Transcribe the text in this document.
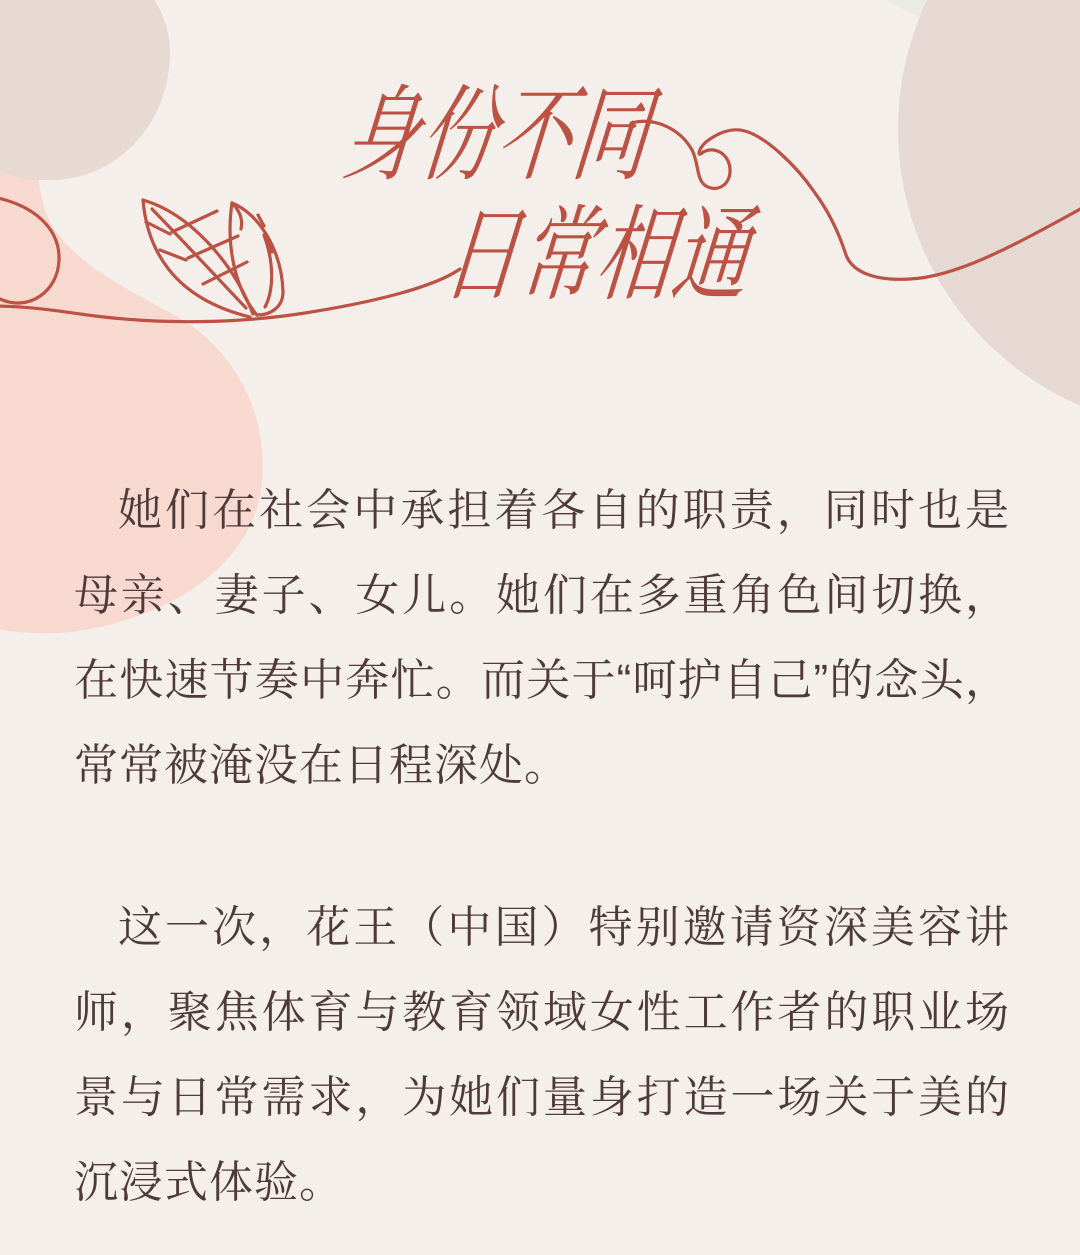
身份不同
日常相通

她们在社会中承担着各自的职责，同时也是母亲、妻子、女儿。她们在多重角色间切换，在快速节奏中奔忙。而关于“呵护自己”的念头，常常被淹没在日程深处。

这一次，花王（中国）特别邀请资深美容讲师，聚焦体育与教育领域女性工作者的职业场景与日常需求，为她们量身打造一场关于美的沉浸式体验。
